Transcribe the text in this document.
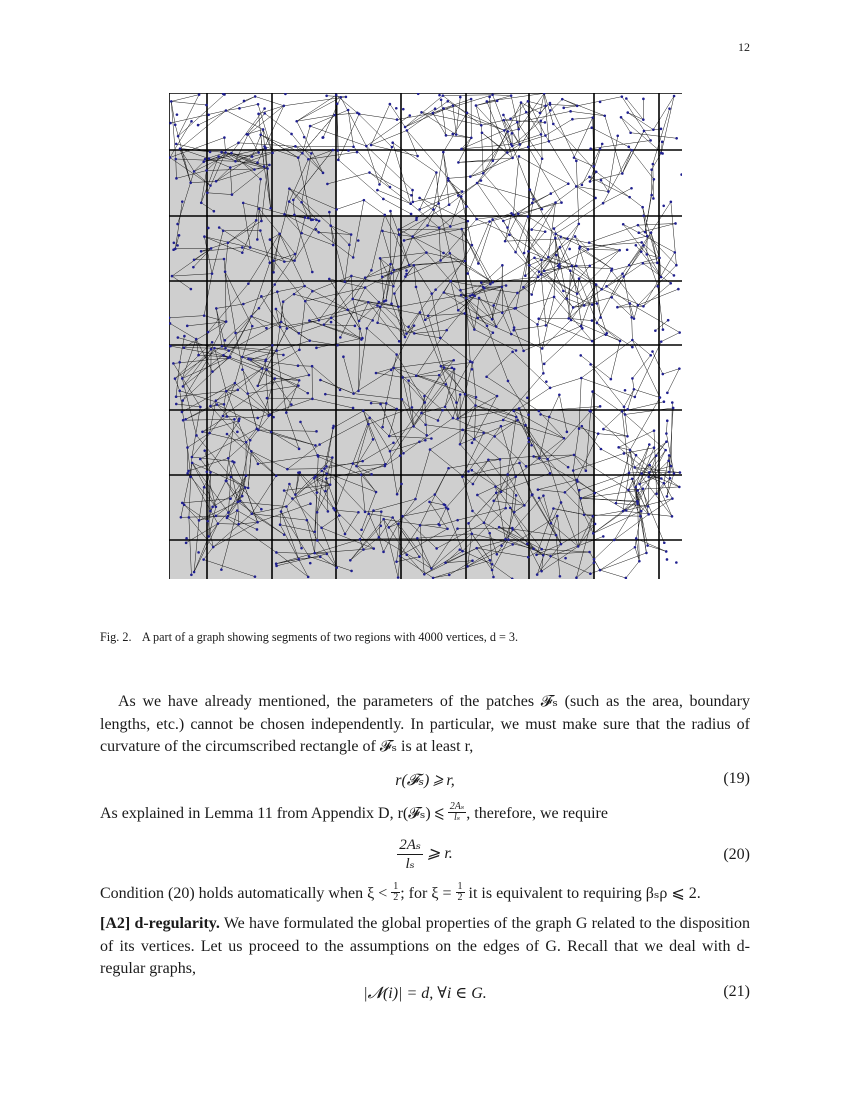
12
Fig. 2. A part of a graph showing segments of two regions with 4000 vertices, d = 3.
As we have already mentioned, the parameters of the patches 𝓕ₛ (such as the area, boundary lengths, etc.) cannot be chosen independently. In particular, we must make sure that the radius of curvature of the circumscribed rectangle of 𝓕ₛ is at least r,
r(𝓕ₛ) ⩾ r,	(19)
As explained in Lemma 11 from Appendix D, r(𝓕ₛ) ⩽ $\frac{\text{2Aₛ}}{\text{lₛ}}$ , therefore, we require
$\frac{\text{2Aₛ}}{\text{lₛ}}$ ⩾ r.	(20)
Condition (20) holds automatically when $\xi < \frac{1}{2}$ ; for $\xi = \frac{1}{2}$ it is equivalent to requiring βₛρ ⩽ 2.
[A2] d-regularity. We have formulated the global properties of the graph G related to the disposition of its vertices. Let us proceed to the assumptions on the edges of G. Recall that we deal with d-regular graphs,
|𝓝(i)| = d, ∀i ∈ G.	(21)
